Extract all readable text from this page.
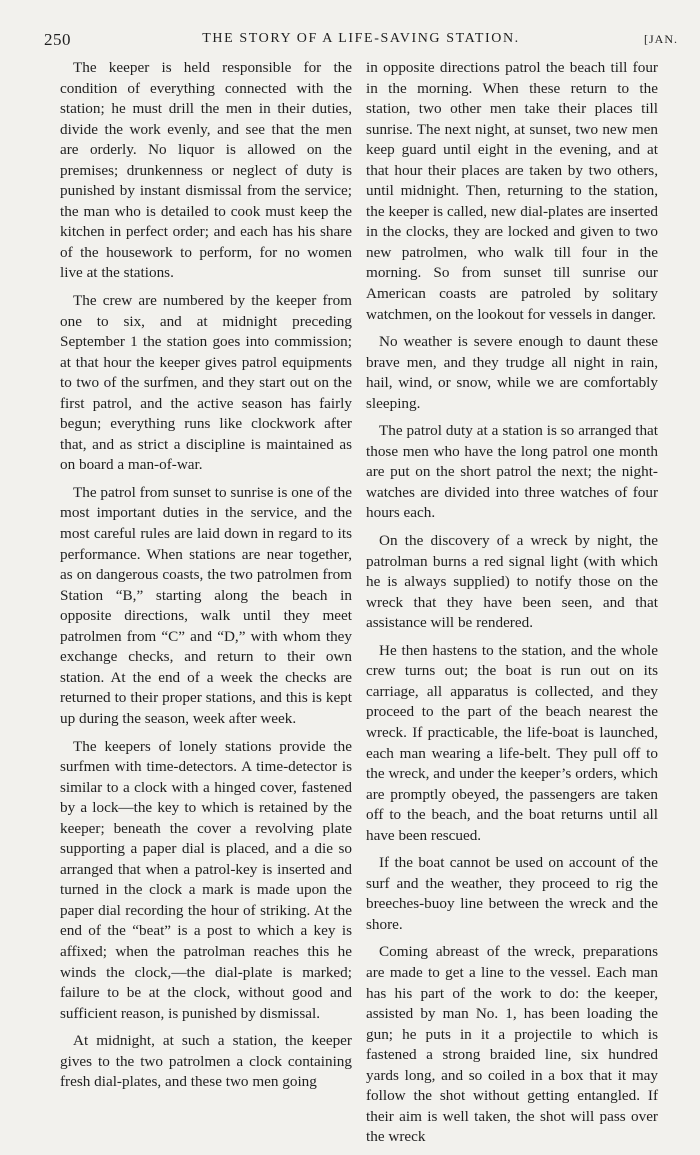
250	THE STORY OF A LIFE-SAVING STATION.	[JAN.

The keeper is held responsible for the condition of everything connected with the station; he must drill the men in their duties, divide the work evenly, and see that the men are orderly. No liquor is allowed on the premises; drunkenness or neglect of duty is punished by instant dismissal from the service; the man who is detailed to cook must keep the kitchen in perfect order; and each has his share of the housework to perform, for no women live at the stations.

The crew are numbered by the keeper from one to six, and at midnight preceding September 1 the station goes into commission; at that hour the keeper gives patrol equipments to two of the surfmen, and they start out on the first patrol, and the active season has fairly begun; everything runs like clockwork after that, and as strict a discipline is maintained as on board a man-of-war.

The patrol from sunset to sunrise is one of the most important duties in the service, and the most careful rules are laid down in regard to its performance. When stations are near together, as on dangerous coasts, the two patrolmen from Station “B,” starting along the beach in opposite directions, walk until they meet patrolmen from “C” and “D,” with whom they exchange checks, and return to their own station. At the end of a week the checks are returned to their proper stations, and this is kept up during the season, week after week.

The keepers of lonely stations provide the surfmen with time-detectors. A time-detector is similar to a clock with a hinged cover, fastened by a lock—the key to which is retained by the keeper; beneath the cover a revolving plate supporting a paper dial is placed, and a die so arranged that when a patrol-key is inserted and turned in the clock a mark is made upon the paper dial recording the hour of striking. At the end of the “beat” is a post to which a key is affixed; when the patrolman reaches this he winds the clock,—the dial-plate is marked; failure to be at the clock, without good and sufficient reason, is punished by dismissal.

At midnight, at such a station, the keeper gives to the two patrolmen a clock containing fresh dial-plates, and these two men going

in opposite directions patrol the beach till four in the morning. When these return to the station, two other men take their places till sunrise. The next night, at sunset, two new men keep guard until eight in the evening, and at that hour their places are taken by two others, until midnight. Then, returning to the station, the keeper is called, new dial-plates are inserted in the clocks, they are locked and given to two new patrolmen, who walk till four in the morning. So from sunset till sunrise our American coasts are patroled by solitary watchmen, on the lookout for vessels in danger.

No weather is severe enough to daunt these brave men, and they trudge all night in rain, hail, wind, or snow, while we are comfortably sleeping.

The patrol duty at a station is so arranged that those men who have the long patrol one month are put on the short patrol the next; the night-watches are divided into three watches of four hours each.

On the discovery of a wreck by night, the patrolman burns a red signal light (with which he is always supplied) to notify those on the wreck that they have been seen, and that assistance will be rendered.

He then hastens to the station, and the whole crew turns out; the boat is run out on its carriage, all apparatus is collected, and they proceed to the part of the beach nearest the wreck. If practicable, the life-boat is launched, each man wearing a life-belt. They pull off to the wreck, and under the keeper’s orders, which are promptly obeyed, the passengers are taken off to the beach, and the boat returns until all have been rescued.

If the boat cannot be used on account of the surf and the weather, they proceed to rig the breeches-buoy line between the wreck and the shore.

Coming abreast of the wreck, preparations are made to get a line to the vessel. Each man has his part of the work to do: the keeper, assisted by man No. 1, has been loading the gun; he puts in it a projectile to which is fastened a strong braided line, six hundred yards long, and so coiled in a box that it may follow the shot without getting entangled. If their aim is well taken, the shot will pass over the wreck
